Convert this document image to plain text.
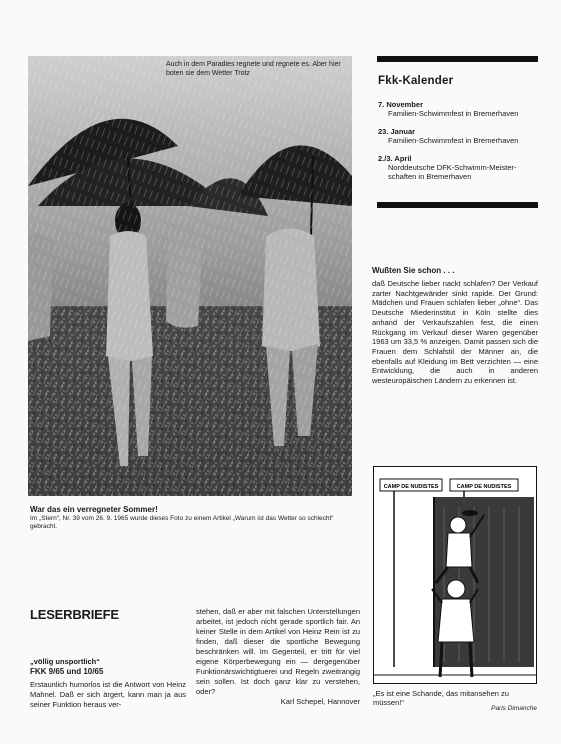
Auch in dem Paradies regnete und regnete es. Aber hier boten sie dem Wetter Trotz
War das ein verregneter Sommer!
Im „Stern“, Nr. 39 vom 26. 9. 1965 wurde dieses Foto zu einem Artikel „Warum ist das Wetter so schlecht“ gebracht.
Fkk-Kalender
7. November
Familien-Schwimmfest in Bremerhaven
23. Januar
Familien-Schwimmfest in Bremerhaven
2./3. April
Norddeutsche DFK-Schwimm-Meister-schaften in Bremerhaven
Wußten Sie schon . . .
daß Deutsche lieber nackt schlafen? Der Verkauf zarter Nachtgewänder sinkt rapide. Der Grund: Mädchen und Frauen schlafen lieber „ohne“. Das Deutsche Miederinstitut in Köln stellte dies anhand der Verkaufszahlen fest, die einen Rückgang im Verkauf dieser Waren gegenüber 1963 um 33,5 % anzeigen. Damit passen sich die Frauen dem Schlafstil der Männer an, die ebenfalls auf Kleidung im Bett verzichten — eine Entwicklung, die auch in anderen westeuropäischen Ländern zu erkennen ist.
CAMP DE NUDISTES	CAMP DE NUDISTES
„Es ist eine Schande, das mitansehen zu müssen!“
Paris Dimanche
LESERBRIEFE
„völlig unsportlich“
FKK 9/65 und 10/65
Erstaunlich humorlos ist die Antwort von Heinz Mahnel. Daß er sich ärgert, kann man ja aus seiner Funktion heraus ver-
stehen, daß er aber mit falschen Unterstellungen arbeitet, ist jedoch nicht gerade sportlich fair. An keiner Stelle in dem Artikel von Heinz Rein ist zu finden, daß dieser die sportliche Bewegung beschränken will. Im Gegenteil, er tritt für viel eigene Körperbewegung ein — dergegenüber Funktionärswichtigtuerei und Regeln zweitrangig sein sollen. Ist doch ganz klar zu verstehen, oder?
Karl Schepel, Hannover
